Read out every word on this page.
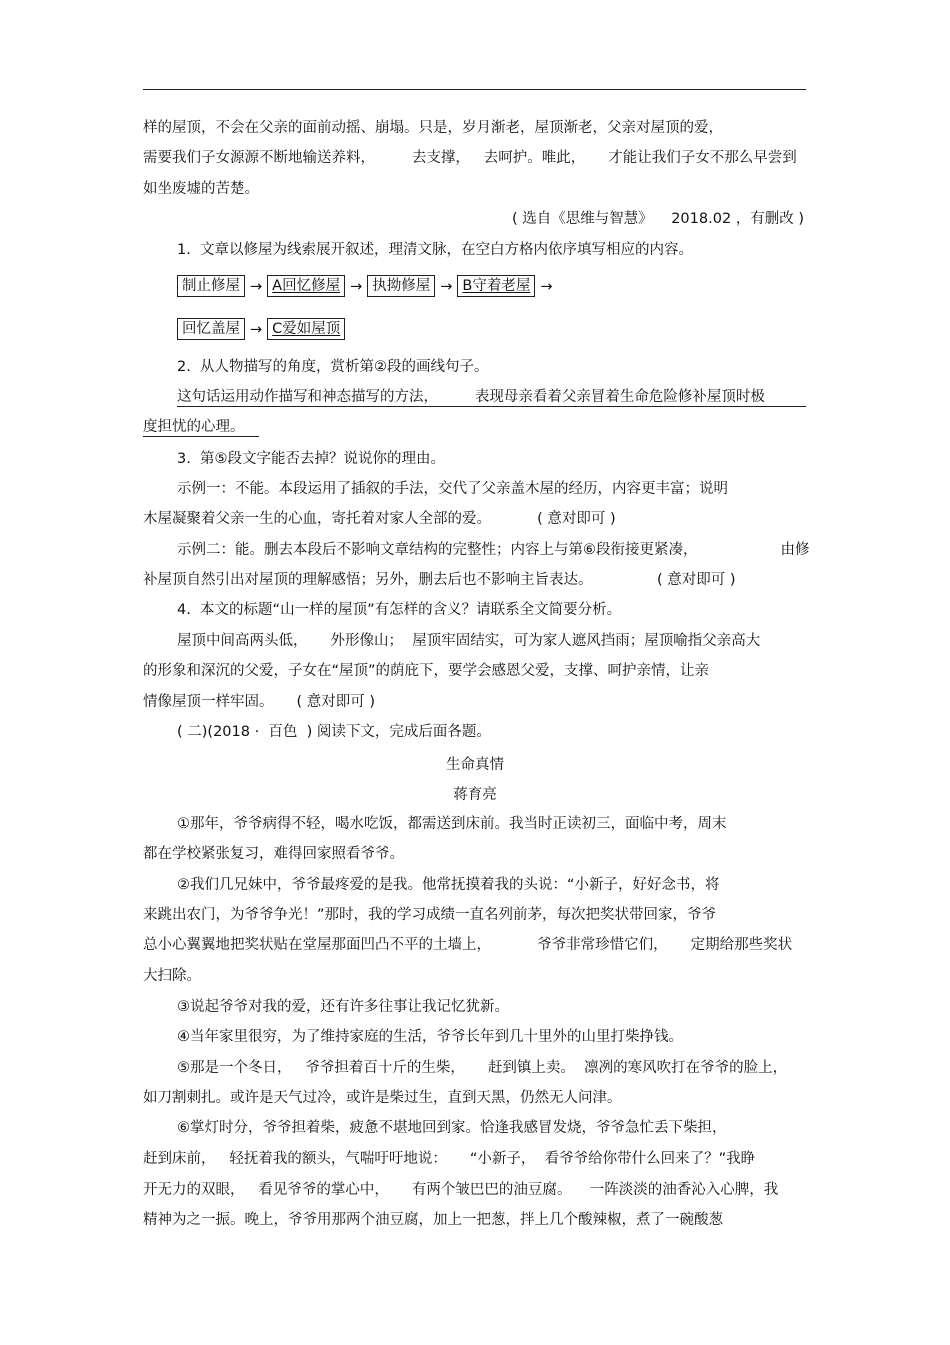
样的屋顶，不会在父亲的面前动摇、崩塌。只是，岁月渐老，屋顶渐老，父亲对屋顶的爱，
需要我们子女源源不断地输送养料，        去支撑，   去呵护。唯此，     才能让我们子女不那么早尝到
如坐废墟的苦楚。
( 选自《思维与智慧》    2018.02 ，有删改 )
1.  文章以修屋为线索展开叙述，理清文脉，在空白方格内依序填写相应的内容。
制止修屋 → A回忆修屋 → 执拗修屋 → B守着老屋 →
回忆盖屋 → C爱如屋顶
2.  从人物描写的角度，赏析第②段的画线句子。
这句话运用动作描写和神态描写的方法，        表现母亲看着父亲冒着生命危险修补屋顶时极
度担忧的心理。
3.  第⑤段文字能否去掉？说说你的理由。
示例一：不能。本段运用了插叙的手法，交代了父亲盖木屋的经历，内容更丰富；说明
木屋凝聚着父亲一生的心血，寄托着对家人全部的爱。          ( 意对即可 )
示例二：能。删去本段后不影响文章结构的完整性；内容上与第⑥段衔接更紧凑，                  由修
补屋顶自然引出对屋顶的理解感悟；另外，删去后也不影响主旨表达。              ( 意对即可 )
4.  本文的标题“山一样的屋顶”有怎样的含义？请联系全文简要分析。
屋顶中间高两头低，     外形像山；  屋顶牢固结实，可为家人遮风挡雨；屋顶喻指父亲高大
的形象和深沉的父爱，子女在“屋顶”的荫庇下，要学会感恩父爱，支撑、呵护亲情，让亲
情像屋顶一样牢固。     ( 意对即可 )
( 二)(2018 ·  百色  ) 阅读下文，完成后面各题。
生命真情
蒋育亮
①那年，爷爷病得不轻，喝水吃饭，都需送到床前。我当时正读初三，面临中考，周末
都在学校紧张复习，难得回家照看爷爷。
②我们几兄妹中，爷爷最疼爱的是我。他常抚摸着我的头说：“小新子，好好念书，将
来跳出农门，为爷爷争光！”那时，我的学习成绩一直名列前茅，每次把奖状带回家，爷爷
总小心翼翼地把奖状贴在堂屋那面凹凸不平的土墙上，          爷爷非常珍惜它们，     定期给那些奖状
大扫除。
③说起爷爷对我的爱，还有许多往事让我记忆犹新。
④当年家里很穷，为了维持家庭的生活，爷爷长年到几十里外的山里打柴挣钱。
⑤那是一个冬日，   爷爷担着百十斤的生柴，     赶到镇上卖。  凛冽的寒风吹打在爷爷的脸上，
如刀割刺扎。或许是天气过冷，或许是柴过生，直到天黑，仍然无人问津。
⑥掌灯时分，爷爷担着柴，疲惫不堪地回到家。恰逢我感冒发烧，爷爷急忙丢下柴担，
赶到床前，   轻抚着我的额头，气喘吁吁地说：     “小新子，  看爷爷给你带什么回来了？”我睁
开无力的双眼，   看见爷爷的掌心中，     有两个皱巴巴的油豆腐。    一阵淡淡的油香沁入心脾，我
精神为之一振。晚上，爷爷用那两个油豆腐，加上一把葱，拌上几个酸辣椒，煮了一碗酸葱
